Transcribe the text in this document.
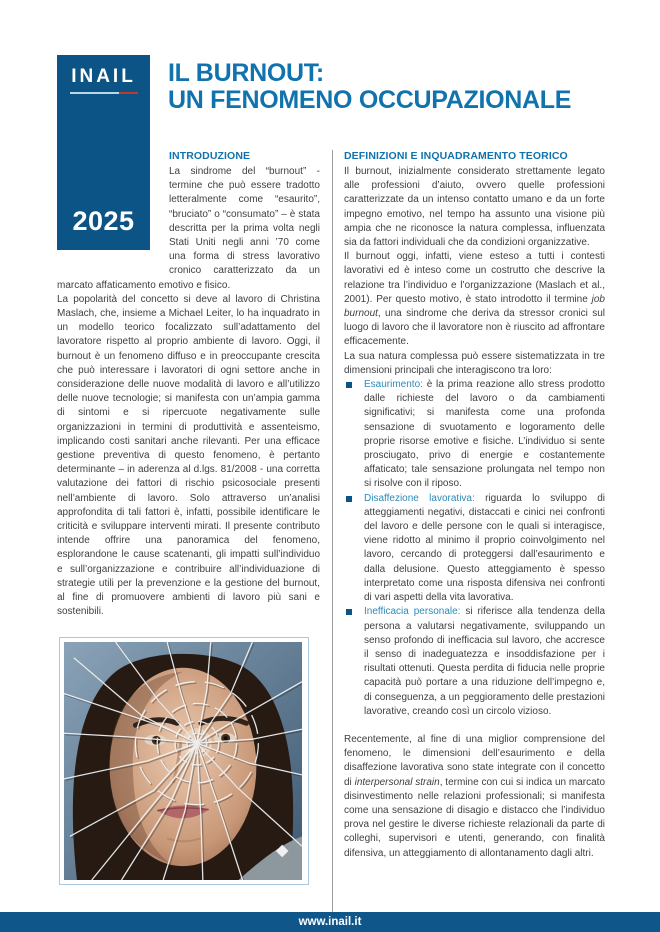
INAIL
2025
IL BURNOUT:
UN FENOMENO OCCUPAZIONALE
INTRODUZIONE

La sindrome del “burnout” - termine che può essere tradotto letteralmente come “esaurito”, “bruciato” o “consumato” – è stata descritta per la prima volta negli Stati Uniti negli anni ’70 come una forma di stress lavorativo cronico caratterizzato da un marcato affaticamento emotivo e fisico.

La popolarità del concetto si deve al lavoro di Christina Maslach, che, insieme a Michael Leiter, lo ha inquadrato in un modello teorico focalizzato sull’adattamento del lavoratore rispetto al proprio ambiente di lavoro. Oggi, il burnout è un fenomeno diffuso e in preoccupante crescita che può interessare i lavoratori di ogni settore anche in considerazione delle nuove modalità di lavoro e all’utilizzo delle nuove tecnologie; si manifesta con un’ampia gamma di sintomi e si ripercuote negativamente sulle organizzazioni in termini di produttività e assenteismo, implicando costi sanitari anche rilevanti. Per una efficace gestione preventiva di questo fenomeno, è pertanto determinante – in aderenza al d.lgs. 81/2008 - una corretta valutazione dei fattori di rischio psicosociale presenti nell’ambiente di lavoro. Solo attraverso un’analisi approfondita di tali fattori è, infatti, possibile identificare le criticità e sviluppare interventi mirati. Il presente contributo intende offrire una panoramica del fenomeno, esplorandone le cause scatenanti, gli impatti sull’individuo e sull’organizzazione e contribuire all’individuazione di strategie utili per la prevenzione e la gestione del burnout, al fine di promuovere ambienti di lavoro più sani e sostenibili.

DEFINIZIONI E INQUADRAMENTO TEORICO

Il burnout, inizialmente considerato strettamente legato alle professioni d’aiuto, ovvero quelle professioni caratterizzate da un intenso contatto umano e da un forte impegno emotivo, nel tempo ha assunto una visione più ampia che ne riconosce la natura complessa, influenzata sia da fattori individuali che da condizioni organizzative.

Il burnout oggi, infatti, viene esteso a tutti i contesti lavorativi ed è inteso come un costrutto che descrive la relazione tra l’individuo e l’organizzazione (Maslach et al., 2001). Per questo motivo, è stato introdotto il termine job burnout, una sindrome che deriva da stressor cronici sul luogo di lavoro che il lavoratore non è riuscito ad affrontare efficacemente.

La sua natura complessa può essere sistematizzata in tre dimensioni principali che interagiscono tra loro:

Esaurimento: è la prima reazione allo stress prodotto dalle richieste del lavoro o da cambiamenti significativi; si manifesta come una profonda sensazione di svuotamento e logoramento delle proprie risorse emotive e fisiche. L’individuo si sente prosciugato, privo di energie e costantemente affaticato; tale sensazione prolungata nel tempo non si risolve con il riposo.
Disaffezione lavorativa: riguarda lo sviluppo di atteggiamenti negativi, distaccati e cinici nei confronti del lavoro e delle persone con le quali si interagisce, viene ridotto al minimo il proprio coinvolgimento nel lavoro, cercando di proteggersi dall’esaurimento e dalla delusione. Questo atteggiamento è spesso interpretato come una risposta difensiva nei confronti di vari aspetti della vita lavorativa.
Inefficacia personale: si riferisce alla tendenza della persona a valutarsi negativamente, sviluppando un senso profondo di inefficacia sul lavoro, che accresce il senso di inadeguatezza e insoddisfazione per i risultati ottenuti. Questa perdita di fiducia nelle proprie capacità può portare a una riduzione dell’impegno e, di conseguenza, a un peggioramento delle prestazioni lavorative, creando così un circolo vizioso.

Recentemente, al fine di una miglior comprensione del fenomeno, le dimensioni dell’esaurimento e della disaffezione lavorativa sono state integrate con il concetto di interpersonal strain, termine con cui si indica un marcato disinvestimento nelle relazioni professionali; si manifesta come una sensazione di disagio e distacco che l’individuo prova nel gestire le diverse richieste relazionali da parte di colleghi, supervisori e utenti, generando, con finalità difensiva, un atteggiamento di allontanamento dagli altri.

www.inail.it
